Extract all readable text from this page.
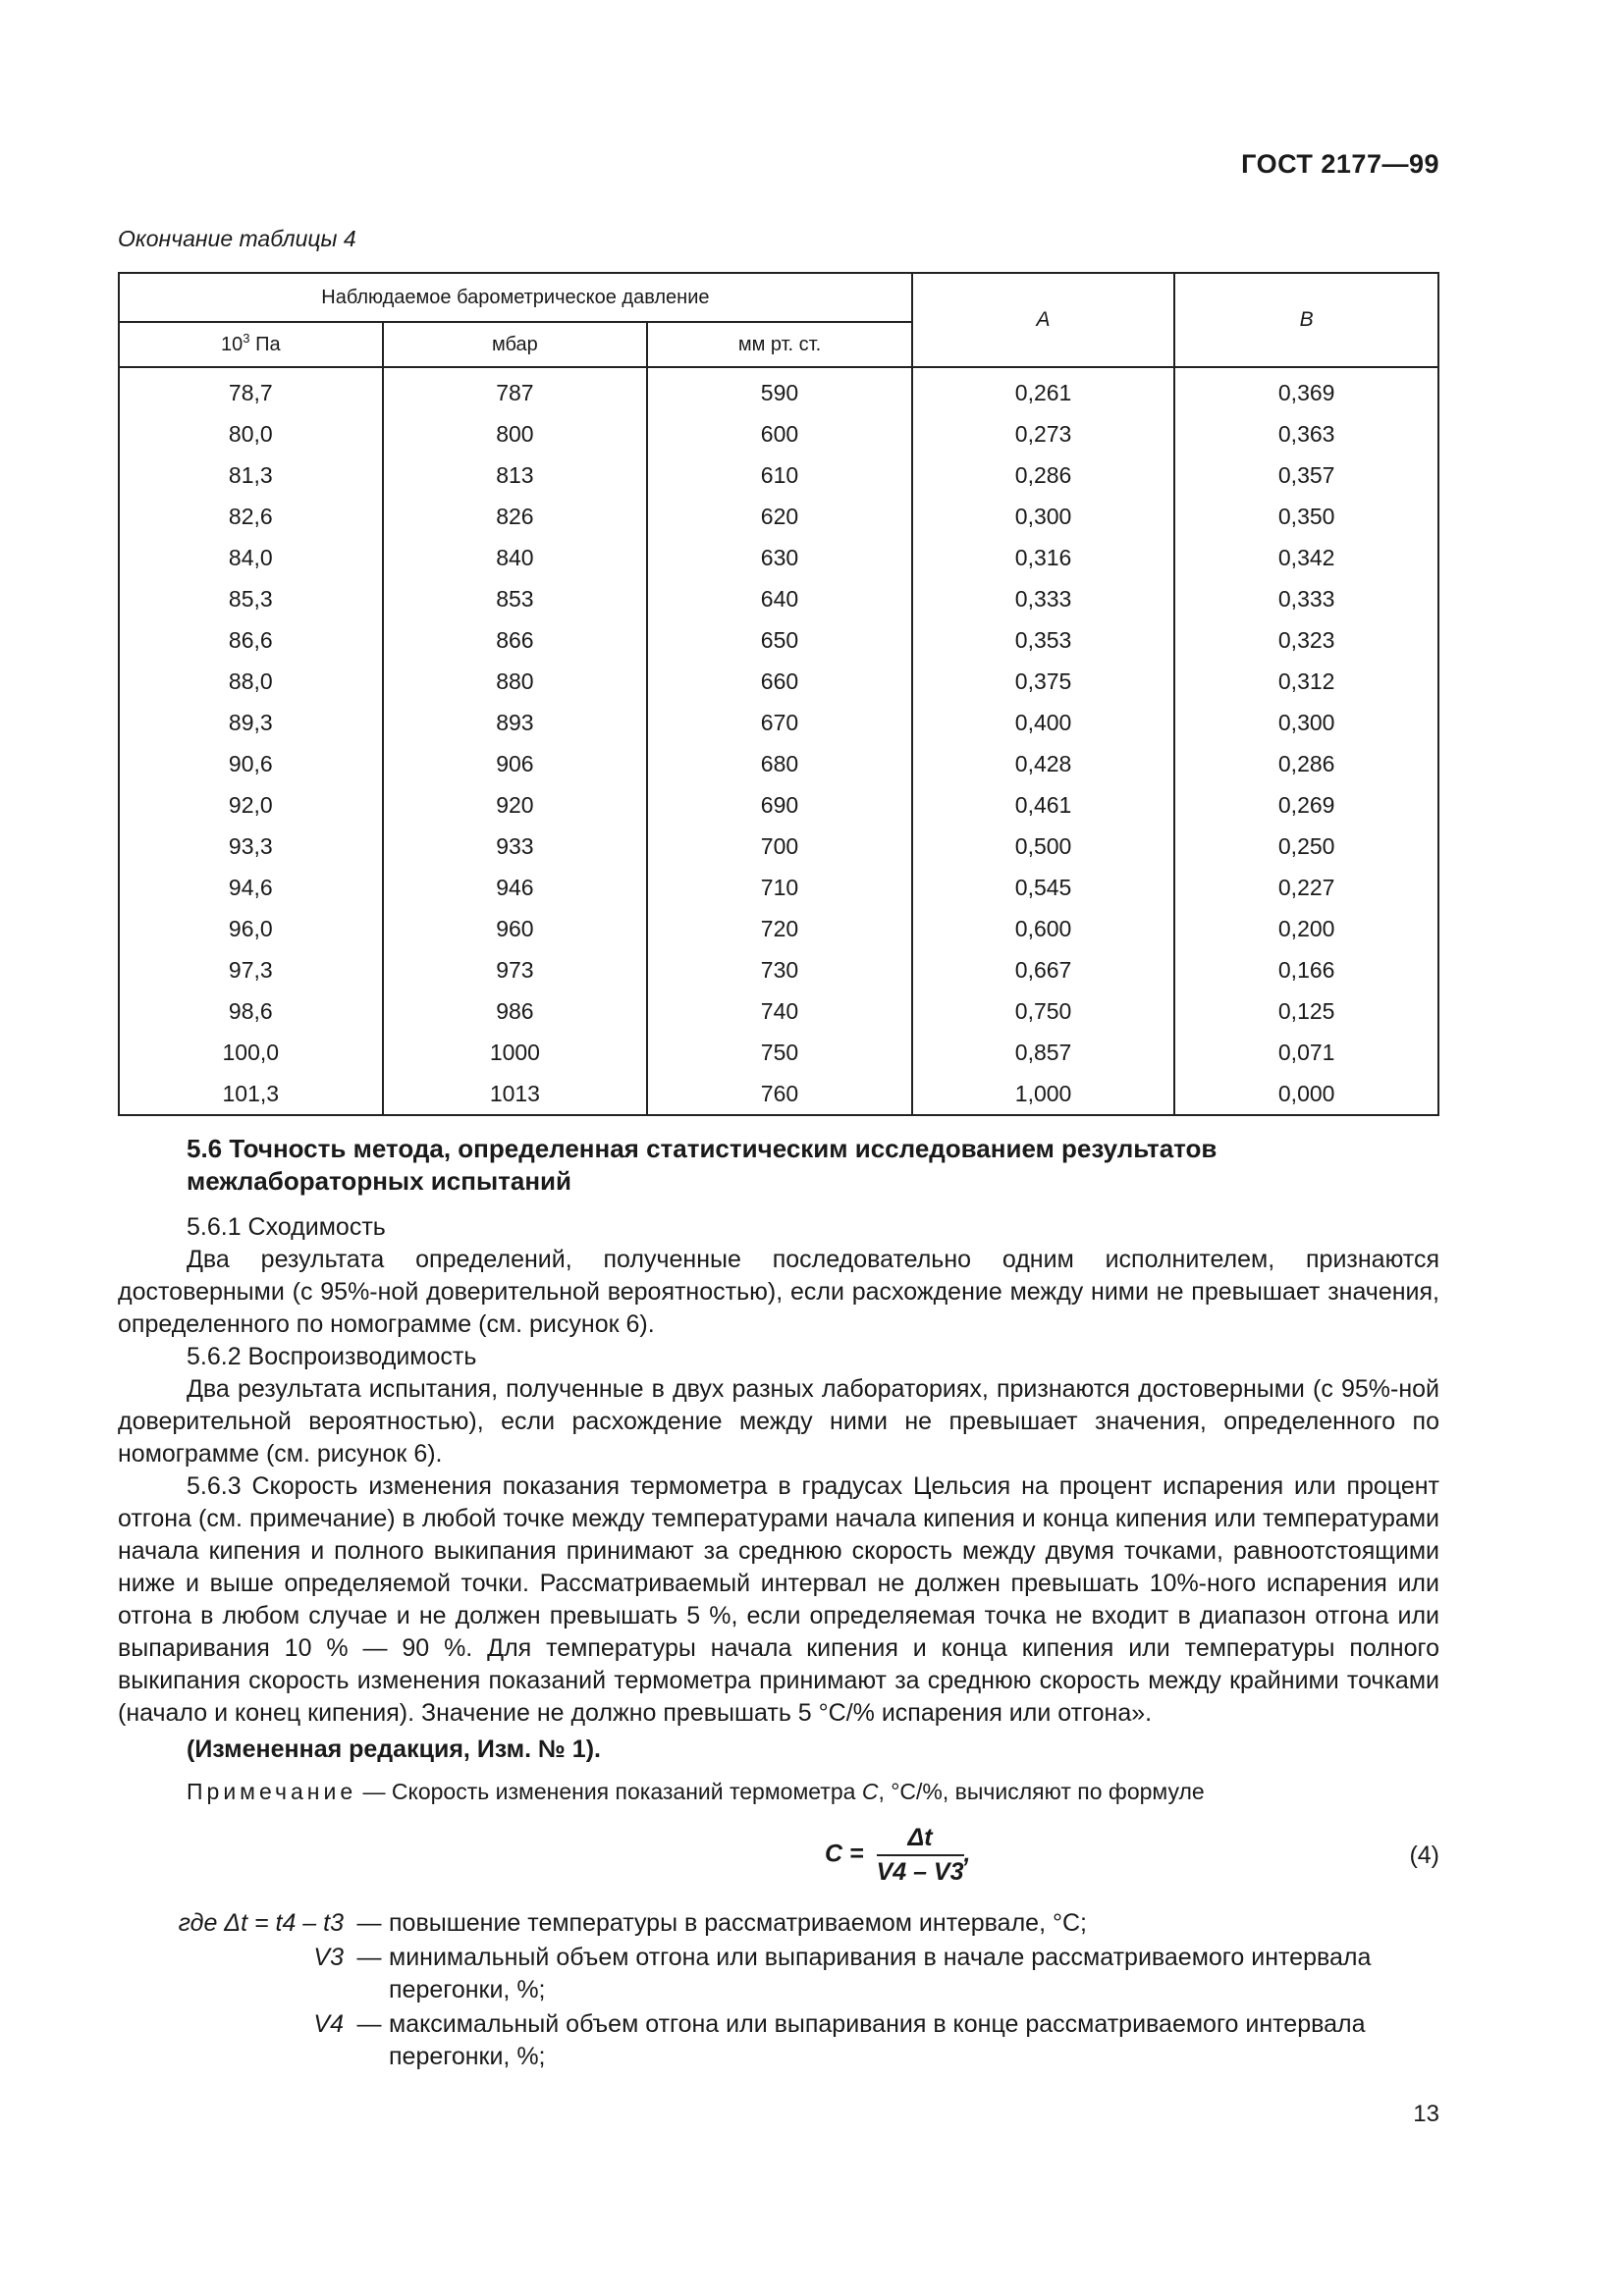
ГОСТ 2177—99
Окончание таблицы 4
Наблюдаемое барометрическое давление			A	B
$10^3$ Па	мбар	мм рт. ст.		
78,7	787	590	0,261	0,369
80,0	800	600	0,273	0,363
81,3	813	610	0,286	0,357
82,6	826	620	0,300	0,350
84,0	840	630	0,316	0,342
85,3	853	640	0,333	0,333
86,6	866	650	0,353	0,323
88,0	880	660	0,375	0,312
89,3	893	670	0,400	0,300
90,6	906	680	0,428	0,286
92,0	920	690	0,461	0,269
93,3	933	700	0,500	0,250
94,6	946	710	0,545	0,227
96,0	960	720	0,600	0,200
97,3	973	730	0,667	0,166
98,6	986	740	0,750	0,125
100,0	1000	750	0,857	0,071
101,3	1013	760	1,000	0,000
5.6 Точность метода, определенная статистическим исследованием результатов межлабораторных испытаний

5.6.1 Сходимость

Два результата определений, полученные последовательно одним исполнителем, признаются достоверными (с 95%-ной доверительной вероятностью), если расхождение между ними не превышает значения, определенного по номограмме (см. рисунок 6).

5.6.2 Воспроизводимость

Два результата испытания, полученные в двух разных лабораториях, признаются достоверными (с 95%-ной доверительной вероятностью), если расхождение между ними не превышает значения, определенного по номограмме (см. рисунок 6).

5.6.3 Скорость изменения показания термометра в градусах Цельсия на процент испарения или процент отгона (см. примечание) в любой точке между температурами начала кипения и конца кипения или температурами начала кипения и полного выкипания принимают за среднюю скорость между двумя точками, равноотстоящими ниже и выше определяемой точки. Рассматриваемый интервал не должен превышать 10%-ного испарения или отгона в любом случае и не должен превышать 5 %, если определяемая точка не входит в диапазон отгона или выпаривания 10 % — 90 %. Для температуры начала кипения и конца кипения или температуры полного выкипания скорость изменения показаний термометра принимают за среднюю скорость между крайними точками (начало и конец кипения). Значение не должно превышать 5 °С/% испарения или отгона».

(Измененная редакция, Изм. № 1).

Примечание — Скорость изменения показаний термометра C, °С/%, вычисляют по формуле

$C = \frac{\Delta t}{V4 - V3}$ ,	(4)
где Δt = t4 – t3 — повышение температуры в рассматриваемом интервале, °С;
V3 — минимальный объем отгона или выпаривания в начале рассматриваемого интервала перегонки, %;
V4 — максимальный объем отгона или выпаривания в конце рассматриваемого интервала перегонки, %;
13
